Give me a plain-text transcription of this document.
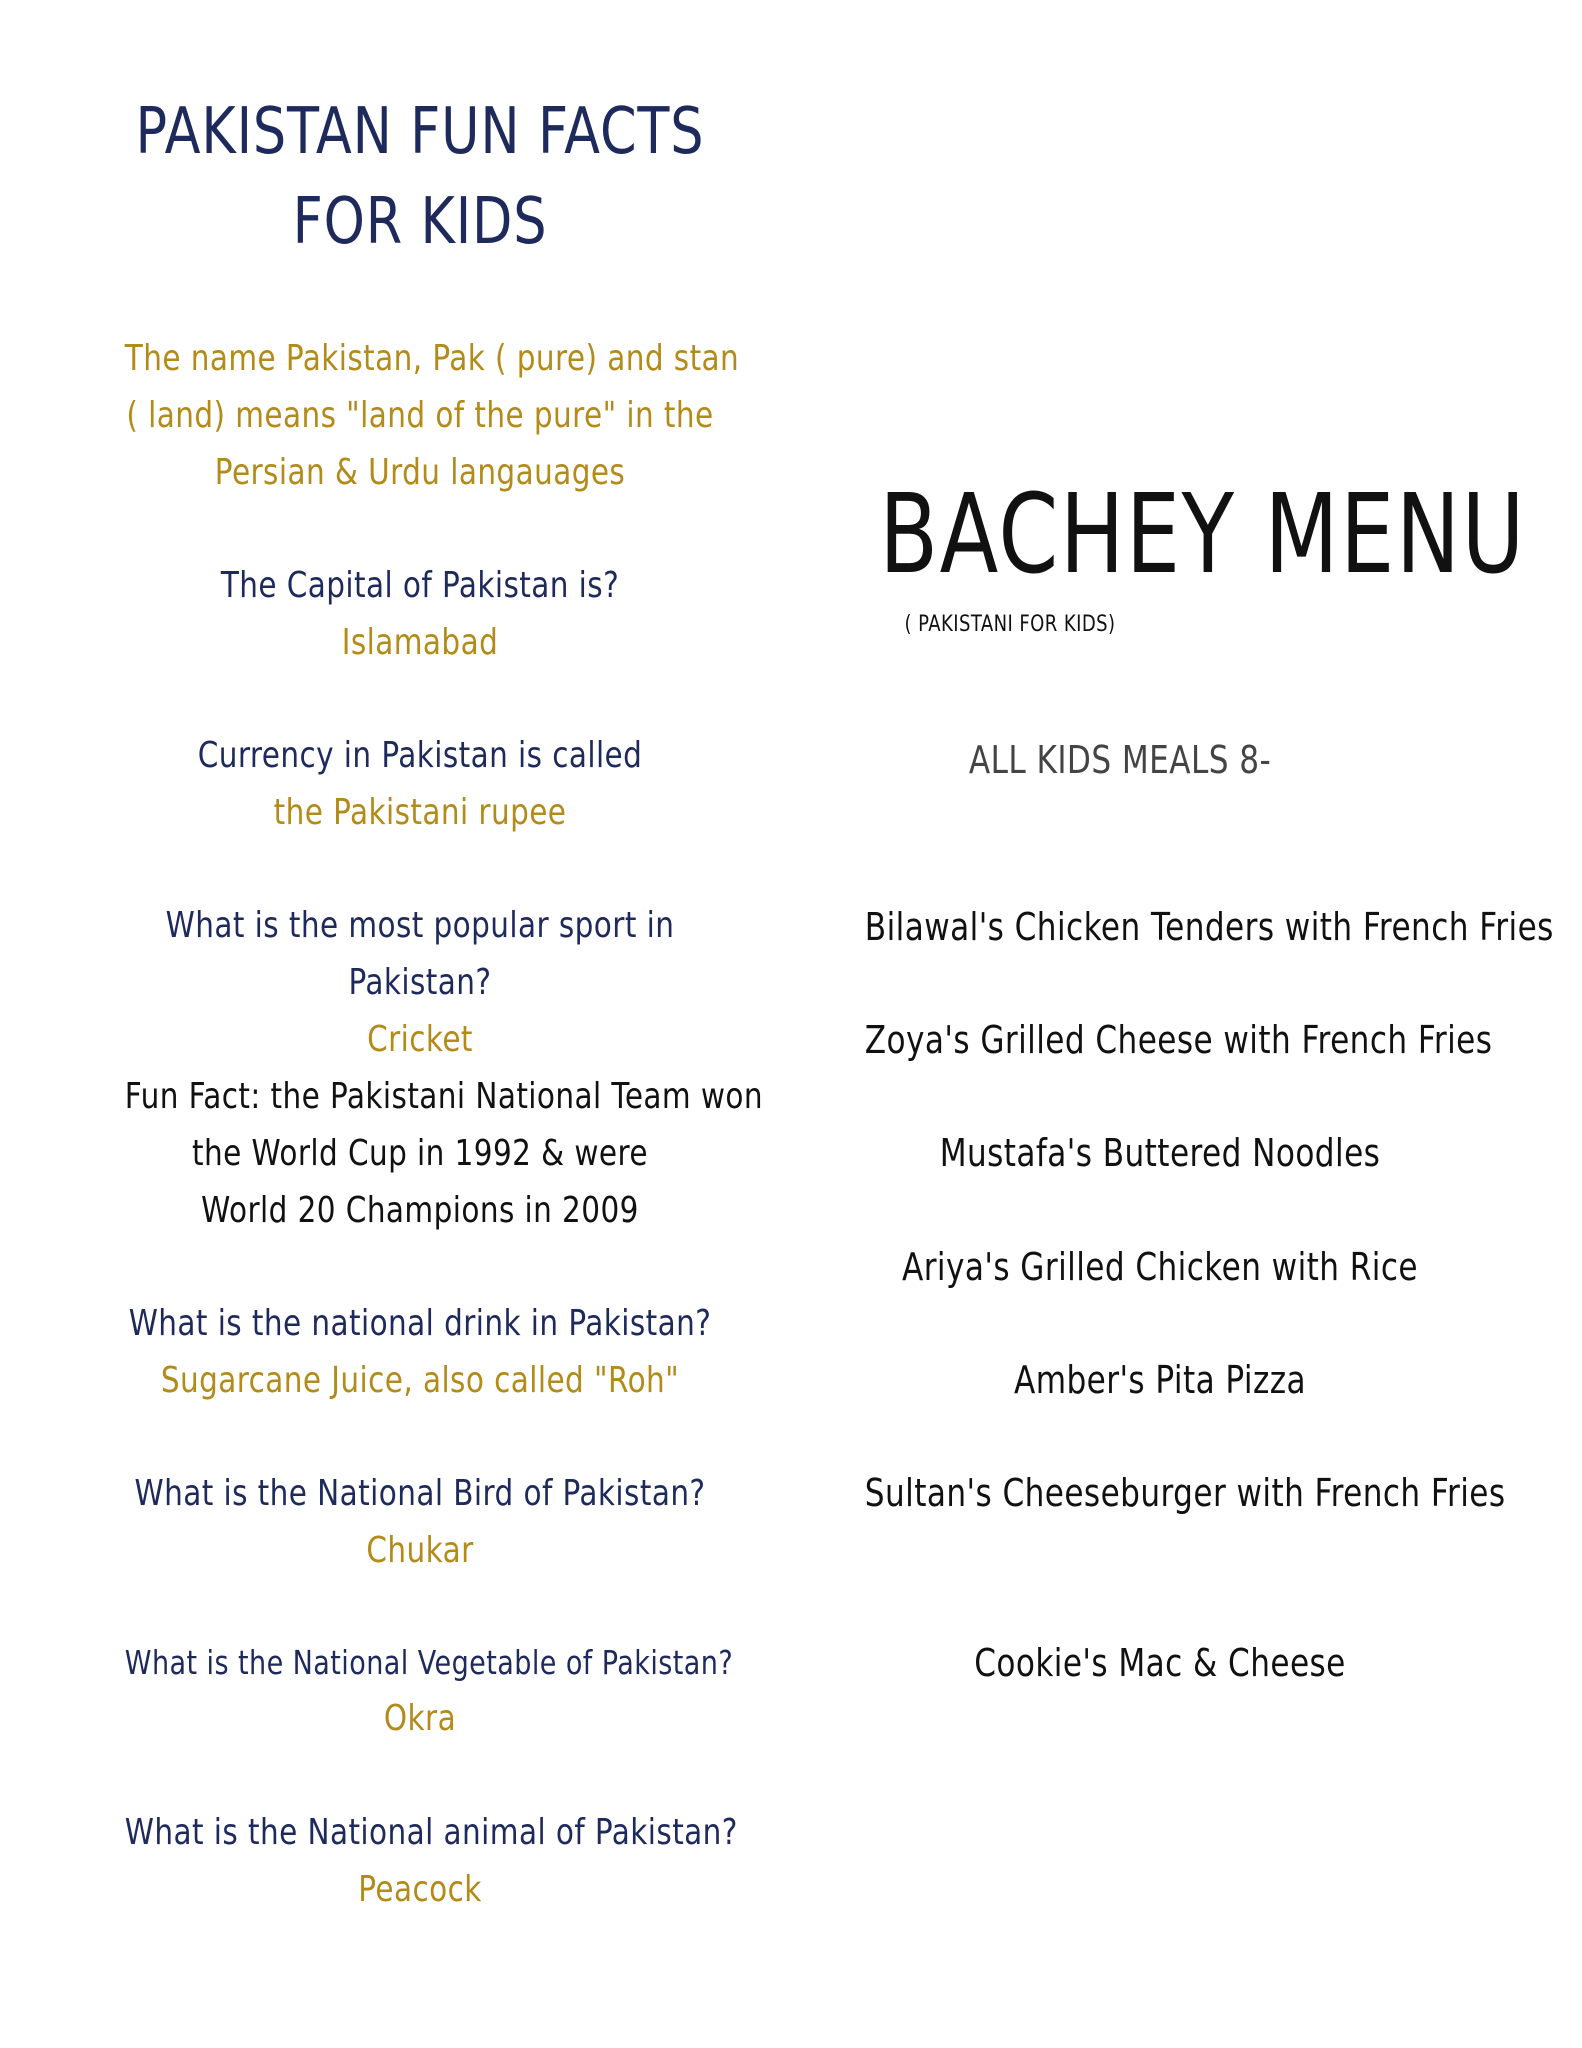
PAKISTAN FUN FACTS
FOR KIDS
The name Pakistan, Pak ( pure) and stan
( land) means "land of the pure" in the
Persian & Urdu langauages
The Capital of Pakistan is?
Islamabad
Currency in Pakistan is called
the Pakistani rupee
What is the most popular sport in
Pakistan?
Cricket
Fun Fact: the Pakistani National Team won
the World Cup in 1992 & were
World 20 Champions in 2009
What is the national drink in Pakistan?
Sugarcane Juice, also called "Roh"
What is the National Bird of Pakistan?
Chukar
What is the National Vegetable of Pakistan?
Okra
What is the National animal of Pakistan?
Peacock
BACHEY MENU
( PAKISTANI FOR KIDS)
ALL KIDS MEALS 8-
Bilawal's Chicken Tenders with French Fries
Zoya's Grilled Cheese with French Fries
Mustafa's Buttered Noodles
Ariya's Grilled Chicken with Rice
Amber's Pita Pizza
Sultan's Cheeseburger with French Fries
Cookie's Mac & Cheese
